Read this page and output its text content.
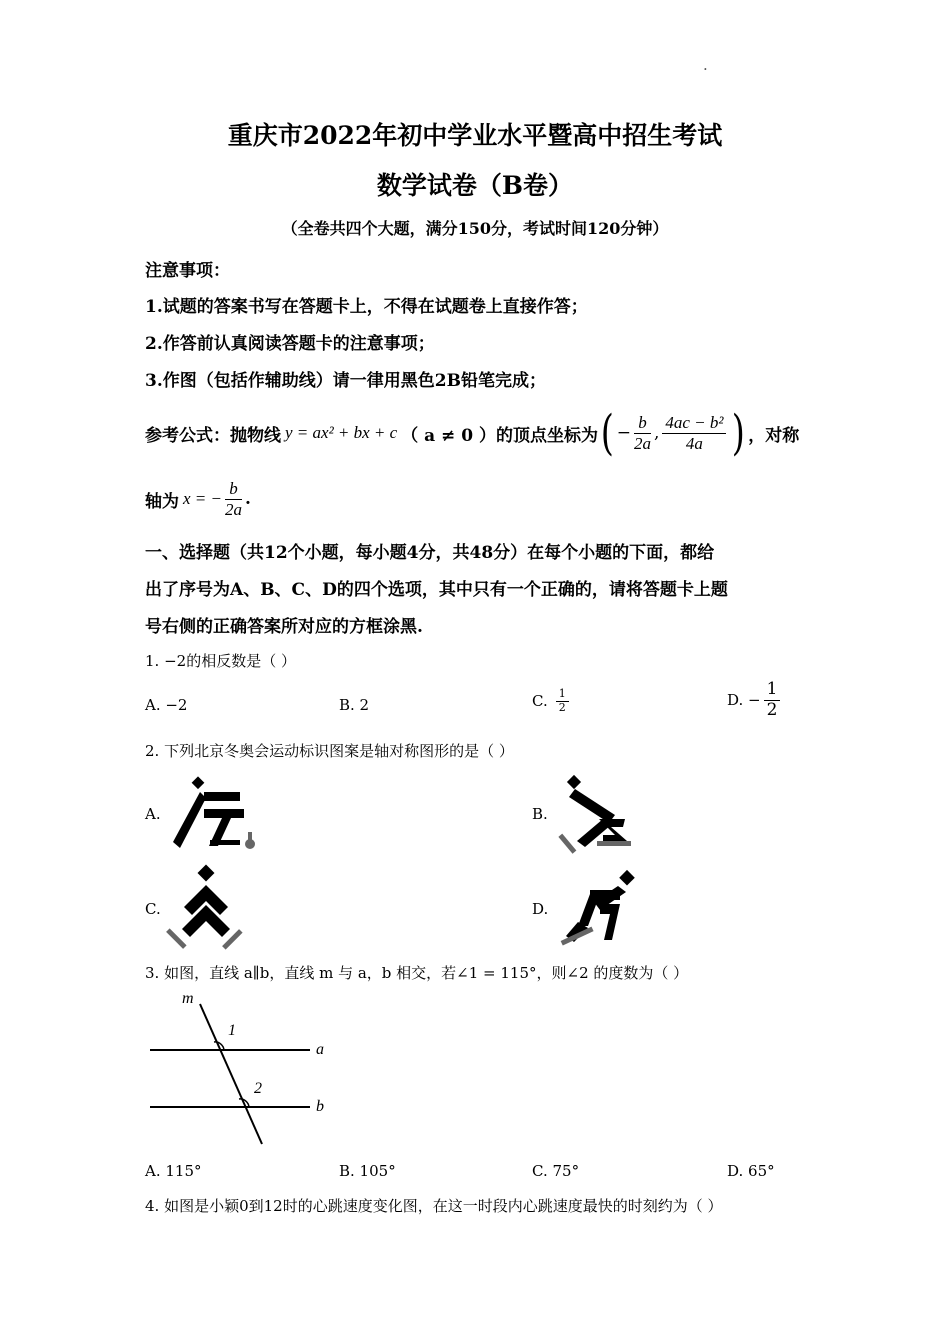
·
重庆市2022年初中学业水平暨高中招生考试
数学试卷（B卷）
（全卷共四个大题，满分150分，考试时间120分钟）
注意事项：
1.试题的答案书写在答题卡上，不得在试题卷上直接作答；
2.作答前认真阅读答题卡的注意事项；
3.作图（包括作辅助线）请一律用黑色2B铅笔完成；
参考公式：抛物线 y = ax² + bx + c （ a ≠ 0 ）的顶点坐标为 ( − $\frac{b}{2a}$ , $\frac{\text{4ac − b²}}{4a}$ ) ，对称
轴为 x = − $\frac{b}{2a}$ .
一、选择题（共12个小题，每小题4分，共48分）在每个小题的下面，都给
出了序号为A、B、C、D的四个选项，其中只有一个正确的，请将答题卡上题
号右侧的正确答案所对应的方框涂黑.
1. −2的相反数是（ ）
A. −2	B. 2	C. $\frac{1}{2}$	D. − $\frac{1}{2}$
2. 下列北京冬奥会运动标识图案是轴对称图形的是（ ）
A.	B.
C.	D.
3. 如图，直线 a∥b，直线 m 与 a，b 相交，若∠1 = 115°，则∠2 的度数为（ ）
m
1
a
2
b
A. 115°	B. 105°	C. 75°	D. 65°
4. 如图是小颖0到12时的心跳速度变化图，在这一时段内心跳速度最快的时刻约为（ ）
